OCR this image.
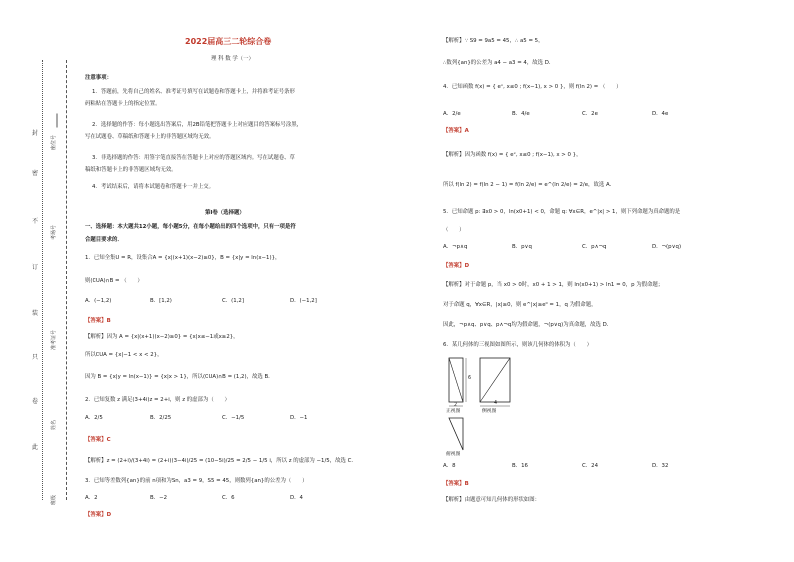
封
密
不
订
装
只
卷
此
座位号
考场号
准考证号
姓名
班级
2022届高三二轮综合卷
理 科 数 学（一）
注意事项：
1．答题前，先将自己的姓名、准考证号填写在试题卷和答题卡上，并将准考证号条形
码粘贴在答题卡上的指定位置。
2．选择题的作答：每小题选出答案后，用2B铅笔把答题卡上对应题目的答案标号涂黑，
写在试题卷、草稿纸和答题卡上的非答题区域均无效。
3．非选择题的作答：用签字笔直接答在答题卡上对应的答题区域内。写在试题卷、草
稿纸和答题卡上的非答题区域均无效。
4．考试结束后，请将本试题卷和答题卡一并上交。
第Ⅰ卷（选择题）
一、选择题：本大题共12小题，每小题5分，在每小题给出的四个选项中，只有一项是符
合题目要求的．
1．已知全集U = R，设集合A = {x|(x+1)(x−2)≥0}，B = {x|y = ln(x−1)}，
则(∁UA)∩B = （　　）
A．(−1,2)	B．[1,2)	C．(1,2]	D．(−1,2]
【答案】B
【解析】因为 A = {x|(x+1)(x−2)≥0} = {x|x≤−1或x≥2}，
所以∁UA = {x|−1 < x < 2}，
因为 B = {x|y = ln(x−1)} = {x|x > 1}，所以(∁UA)∩B = (1,2)，故选 B．
2．已知复数 z 满足(3+4i)z = 2+i，则 z 的虚部为（　　）
A．2/5	B．2/25	C．−1/5	D．−1
【答案】C
【解析】z = (2+i)/(3+4i) = (2+i)(3−4i)/25 = (10−5i)/25 = 2/5 − 1/5 i，所以 z 的虚部为 −1/5，故选 C．
3．已知等差数列{an}的前 n项和为Sn，a3 = 9，S5 = 45，则数列{an}的公差为（　　）
A．2	B．−2	C．6	D．4
【答案】D
【解析】∵ S9 = 9a5 = 45，∴ a5 = 5，
∴数列{an}的公差为 a4 − a3 = 4，故选 D．
4．已知函数 f(x) = { eˣ, x≤0 ; f(x−1), x > 0 }，则 f(ln 2) = （　　）
A．2/e	B．4/e	C．2e	D．4e
【答案】A
【解析】因为函数 f(x) = { eˣ, x≤0 ; f(x−1), x > 0 }，
所以 f(ln 2) = f(ln 2 − 1) = f(ln 2/e) = e^(ln 2/e) = 2/e，故选 A．
5．已知命题 p: ∃x0 > 0，ln(x0+1) < 0，命题 q: ∀x∈R，e^|x| > 1，则下列命题为真命题的是
（　　）
A．¬p∧q	B．p∨q	C．p∧¬q	D．¬(p∨q)
【答案】D
【解析】对于命题 p，当 x0 > 0时，x0 + 1 > 1，则 ln(x0+1) > ln1 = 0，p 为假命题；
对于命题 q，∀x∈R，|x|≥0，则 e^|x|≥e⁰ = 1，q 为假命题，
因此，¬p∧q、p∨q、p∧¬q均为假命题，¬(p∨q)为真命题，故选 D．
6．某几何体的三视图如图所示，则该几何体的体积为（　　）
6
2	4
正视图	侧视图
俯视图
A．8	B．16	C．24	D．32
【答案】B
【解析】由题意可知几何体的形状如图：
